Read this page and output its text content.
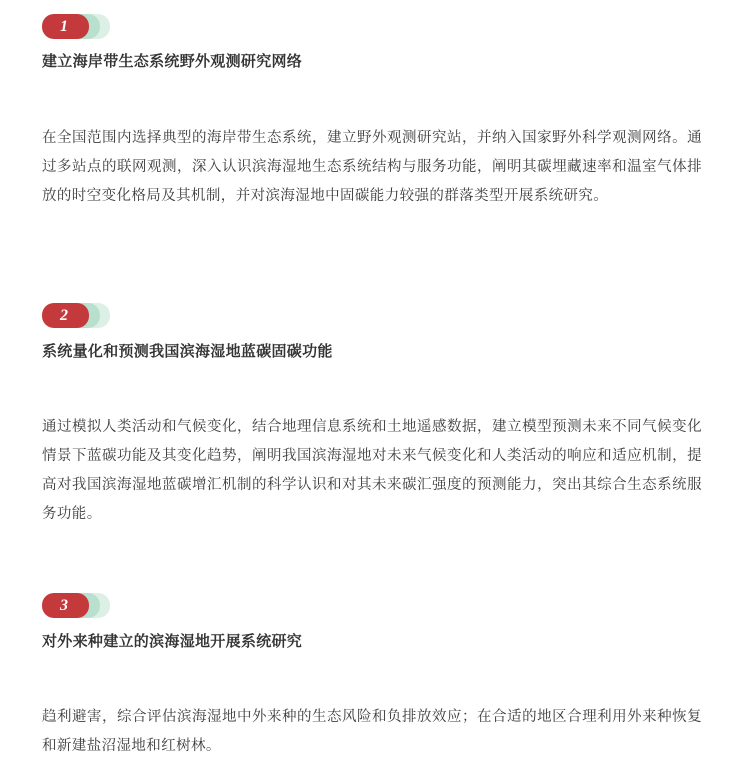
1
建立海岸带生态系统野外观测研究网络
在全国范围内选择典型的海岸带生态系统，建立野外观测研究站，并纳入国家野外科学观测网络。通过多站点的联网观测，深入认识滨海湿地生态系统结构与服务功能，阐明其碳埋藏速率和温室气体排放的时空变化格局及其机制，并对滨海湿地中固碳能力较强的群落类型开展系统研究。
2
系统量化和预测我国滨海湿地蓝碳固碳功能
通过模拟人类活动和气候变化，结合地理信息系统和土地遥感数据，建立模型预测未来不同气候变化情景下蓝碳功能及其变化趋势，阐明我国滨海湿地对未来气候变化和人类活动的响应和适应机制，提高对我国滨海湿地蓝碳增汇机制的科学认识和对其未来碳汇强度的预测能力，突出其综合生态系统服务功能。
3
对外来种建立的滨海湿地开展系统研究
趋利避害，综合评估滨海湿地中外来种的生态风险和负排放效应；在合适的地区合理利用外来种恢复和新建盐沼湿地和红树林。
